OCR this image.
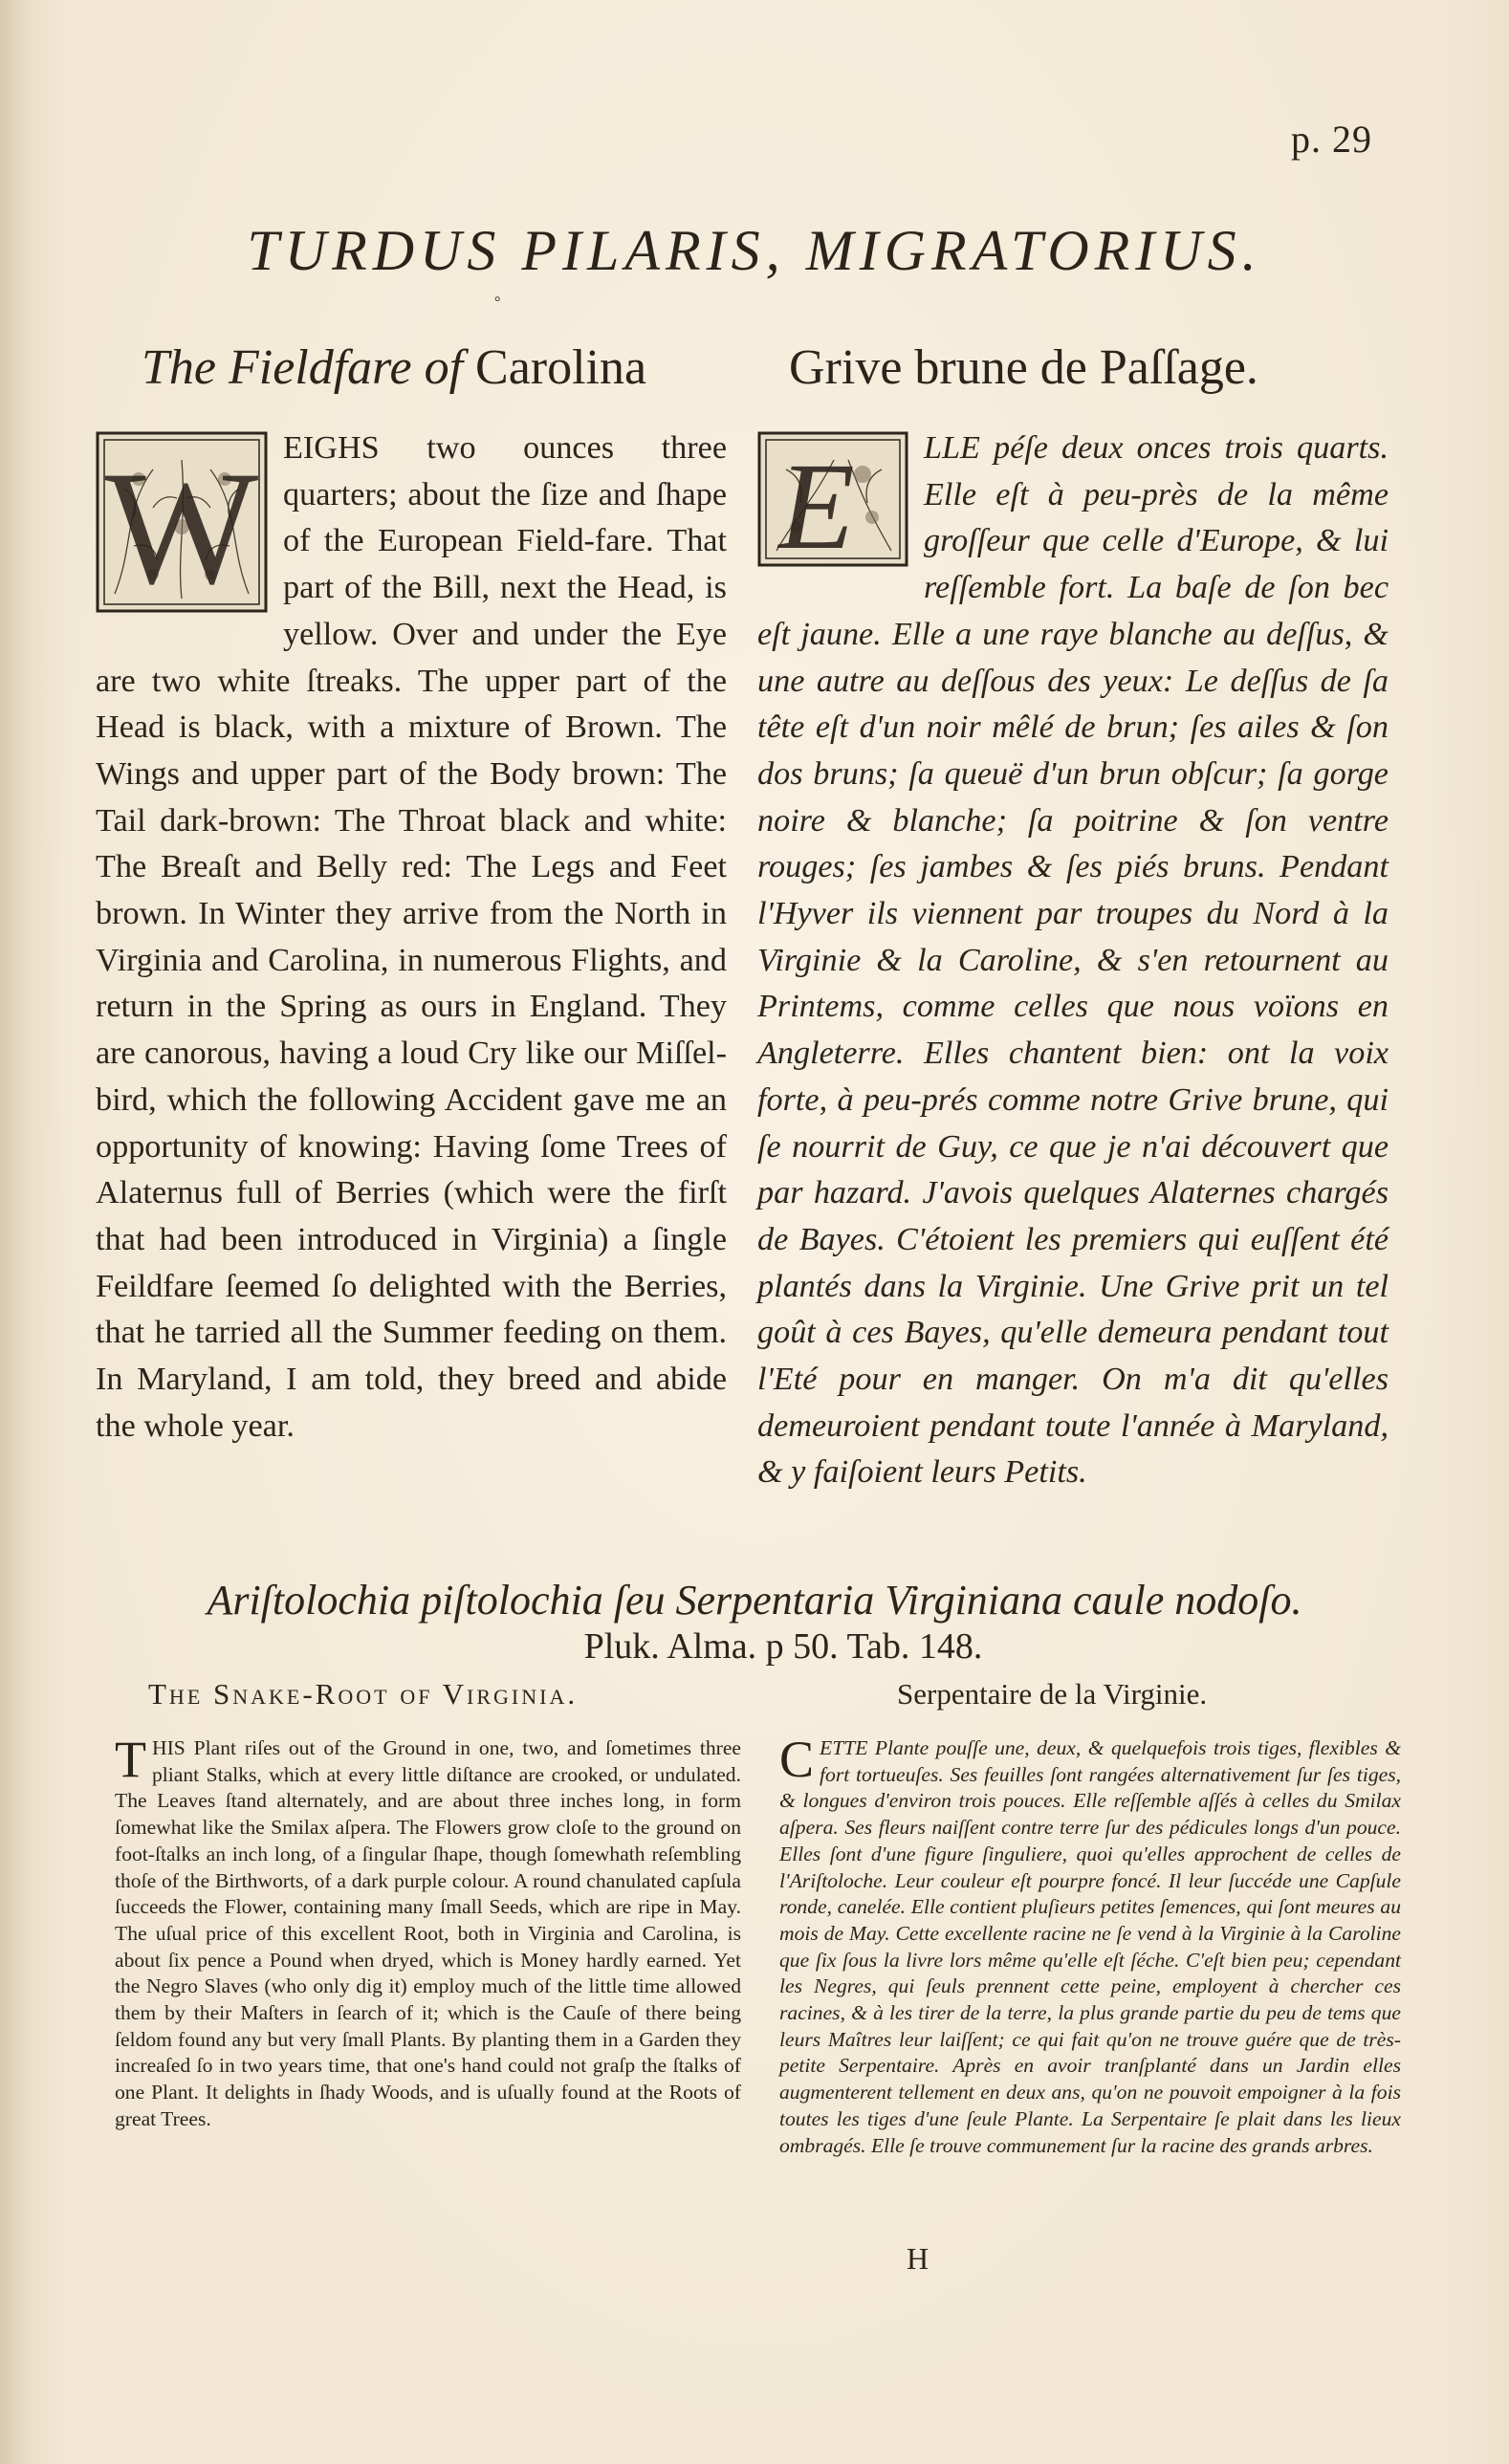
p. 29
TURDUS PILARIS, MIGRATORIUS.
°
The Fieldfare of Carolina	Grive brune de Paſſage.
W EIGHS two ounces three quarters; about the ſize and ſhape of the European Field-fare. That part of the Bill, next the Head, is yellow. Over and under the Eye are two white ſtreaks. The upper part of the Head is black, with a mixture of Brown. The Wings and upper part of the Body brown: The Tail dark-brown: The Throat black and white: The Breaſt and Belly red: The Legs and Feet brown. In Winter they arrive from the North in Virginia and Carolina, in numerous Flights, and return in the Spring as ours in England. They are canorous, having a loud Cry like our Miſſel-bird, which the following Accident gave me an opportunity of knowing: Having ſome Trees of Alaternus full of Berries (which were the firſt that had been introduced in Virginia) a ſingle Feildfare ſeemed ſo delighted with the Berries, that he tarried all the Summer feeding on them. In Maryland, I am told, they breed and abide the whole year.
E LLE péſe deux onces trois quarts. Elle eſt à peu-près de la même groſſeur que celle d'Europe, & lui reſſemble fort. La baſe de ſon bec eſt jaune. Elle a une raye blanche au deſſus, & une autre au deſſous des yeux: Le deſſus de ſa tête eſt d'un noir mêlé de brun; ſes ailes & ſon dos bruns; ſa queuë d'un brun obſcur; ſa gorge noire & blanche; ſa poitrine & ſon ventre rouges; ſes jambes & ſes piés bruns. Pendant l'Hyver ils viennent par troupes du Nord à la Virginie & la Caroline, & s'en retournent au Printems, comme celles que nous voïons en Angleterre. Elles chantent bien: ont la voix forte, à peu-prés comme notre Grive brune, qui ſe nourrit de Guy, ce que je n'ai découvert que par hazard. J'avois quelques Alaternes chargés de Bayes. C'étoient les premiers qui euſſent été plantés dans la Virginie. Une Grive prit un tel goût à ces Bayes, qu'elle demeura pendant tout l'Eté pour en manger. On m'a dit qu'elles demeuroient pendant toute l'année à Maryland, & y faiſoient leurs Petits.
Ariſtolochia piſtolochia ſeu Serpentaria Virginiana caule nodoſo.
Pluk. Alma. p 50. Tab. 148.
The Snake-Root of Virginia.	Serpentaire de la Virginie.
T HIS Plant riſes out of the Ground in one, two, and ſometimes three pliant Stalks, which at every little diſtance are crooked, or undulated. The Leaves ſtand alternately, and are about three inches long, in form ſomewhat like the Smilax aſpera. The Flowers grow cloſe to the ground on foot-ſtalks an inch long, of a ſingular ſhape, though ſomewhath reſembling thoſe of the Birthworts, of a dark purple colour. A round chanulated capſula ſucceeds the Flower, containing many ſmall Seeds, which are ripe in May. The uſual price of this excellent Root, both in Virginia and Carolina, is about ſix pence a Pound when dryed, which is Money hardly earned. Yet the Negro Slaves (who only dig it) employ much of the little time allowed them by their Maſters in ſearch of it; which is the Cauſe of there being ſeldom found any but very ſmall Plants. By planting them in a Garden they increaſed ſo in two years time, that one's hand could not graſp the ſtalks of one Plant. It delights in ſhady Woods, and is uſually found at the Roots of great Trees.
C ETTE Plante pouſſe une, deux, & quelquefois trois tiges, flexibles & fort tortueuſes. Ses feuilles ſont rangées alternativement ſur ſes tiges, & longues d'environ trois pouces. Elle reſſemble aſſés à celles du Smilax aſpera. Ses fleurs naiſſent contre terre ſur des pédicules longs d'un pouce. Elles ſont d'une figure ſinguliere, quoi qu'elles approchent de celles de l'Ariſtoloche. Leur couleur eſt pourpre foncé. Il leur ſuccéde une Capſule ronde, canelée. Elle contient pluſieurs petites ſemences, qui ſont meures au mois de May. Cette excellente racine ne ſe vend à la Virginie à la Caroline que ſix ſous la livre lors même qu'elle eſt ſéche. C'eſt bien peu; cependant les Negres, qui ſeuls prennent cette peine, employent à chercher ces racines, & à les tirer de la terre, la plus grande partie du peu de tems que leurs Maîtres leur laiſſent; ce qui fait qu'on ne trouve guére que de très-petite Serpentaire. Après en avoir tranſplanté dans un Jardin elles augmenterent tellement en deux ans, qu'on ne pouvoit empoigner à la fois toutes les tiges d'une ſeule Plante. La Serpentaire ſe plait dans les lieux ombragés. Elle ſe trouve communement ſur la racine des grands arbres.
H
